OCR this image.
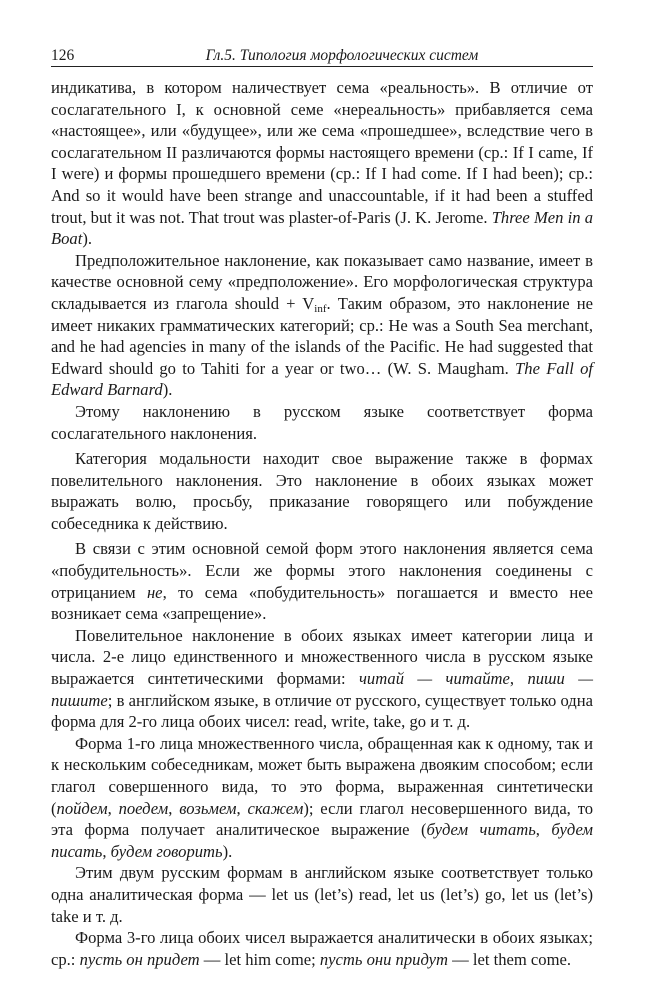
126	Гл.5. Типология морфологических систем

индикатива, в котором наличествует сема «реальность». В отличие от сослагательного I, к основной семе «нереальность» прибавляется сема «настоящее», или «будущее», или же сема «прошедшее», вследствие чего в сослагательном II различаются формы настоящего времени (ср.: If I came, If I were) и формы прошедшего времени (ср.: If I had come. If I had been); ср.: And so it would have been strange and unaccountable, if it had been a stuffed trout, but it was not. That trout was plaster-of-Paris (J. K. Jerome. Three Men in a Boat).

Предположительное наклонение, как показывает само название, имеет в качестве основной сему «предположение». Его морфологическая структура складывается из глагола should + $V_{inf}$. Таким образом, это наклонение не имеет никаких грамматических категорий; ср.: He was a South Sea merchant, and he had agencies in many of the islands of the Pacific. He had suggested that Edward should go to Tahiti for a year or two… (W. S. Maugham. The Fall of Edward Barnard).

Этому наклонению в русском языке соответствует форма сослагательного наклонения.

Категория модальности находит свое выражение также в формах повелительного наклонения. Это наклонение в обоих языках может выражать волю, просьбу, приказание говорящего или побуждение собеседника к действию.

В связи с этим основной семой форм этого наклонения является сема «побудительность». Если же формы этого наклонения соединены с отрицанием не, то сема «побудительность» погашается и вместо нее возникает сема «запрещение».

Повелительное наклонение в обоих языках имеет категории лица и числа. 2-е лицо единственного и множественного числа в русском языке выражается синтетическими формами: читай — читайте, пиши — пишите; в английском языке, в отличие от русского, существует только одна форма для 2-го лица обоих чисел: read, write, take, go и т. д.

Форма 1-го лица множественного числа, обращенная как к одному, так и к нескольким собеседникам, может быть выражена двояким способом; если глагол совершенного вида, то это форма, выраженная синтетически (пойдем, поедем, возьмем, скажем); если глагол несовершенного вида, то эта форма получает аналитическое выражение (будем читать, будем писать, будем говорить).

Этим двум русским формам в английском языке соответствует только одна аналитическая форма — let us (let’s) read, let us (let’s) go, let us (let’s) take и т. д.

Форма 3-го лица обоих чисел выражается аналитически в обоих языках; ср.: пусть он придет — let him come; пусть они придут — let them come.
